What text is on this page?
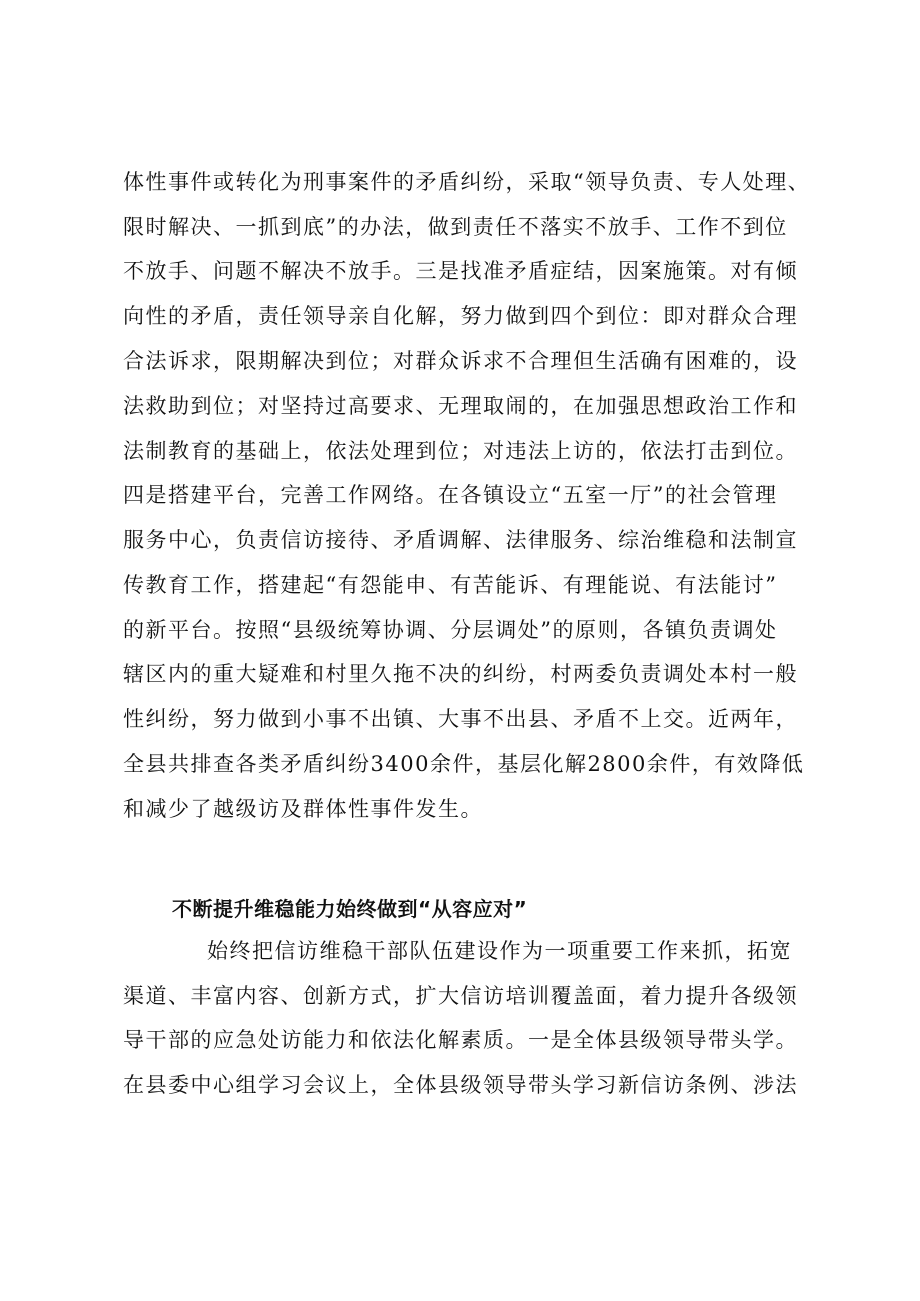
体性事件或转化为刑事案件的矛盾纠纷，采取“领导负责、专人处理、
限时解决、一抓到底”的办法，做到责任不落实不放手、工作不到位
不放手、问题不解决不放手。三是找准矛盾症结，因案施策。对有倾
向性的矛盾，责任领导亲自化解，努力做到四个到位：即对群众合理
合法诉求，限期解决到位；对群众诉求不合理但生活确有困难的，设
法救助到位；对坚持过高要求、无理取闹的，在加强思想政治工作和
法制教育的基础上，依法处理到位；对违法上访的，依法打击到位。
四是搭建平台，完善工作网络。在各镇设立“五室一厅”的社会管理
服务中心，负责信访接待、矛盾调解、法律服务、综治维稳和法制宣
传教育工作，搭建起“有怨能申、有苦能诉、有理能说、有法能讨”
的新平台。按照“县级统筹协调、分层调处”的原则，各镇负责调处
辖区内的重大疑难和村里久拖不决的纠纷，村两委负责调处本村一般
性纠纷，努力做到小事不出镇、大事不出县、矛盾不上交。近两年，
全县共排查各类矛盾纠纷3400余件，基层化解2800余件，有效降低
和减少了越级访及群体性事件发生。
不断提升维稳能力始终做到“从容应对”
始终把信访维稳干部队伍建设作为一项重要工作来抓，拓宽
渠道、丰富内容、创新方式，扩大信访培训覆盖面，着力提升各级领
导干部的应急处访能力和依法化解素质。一是全体县级领导带头学。
在县委中心组学习会议上，全体县级领导带头学习新信访条例、涉法
